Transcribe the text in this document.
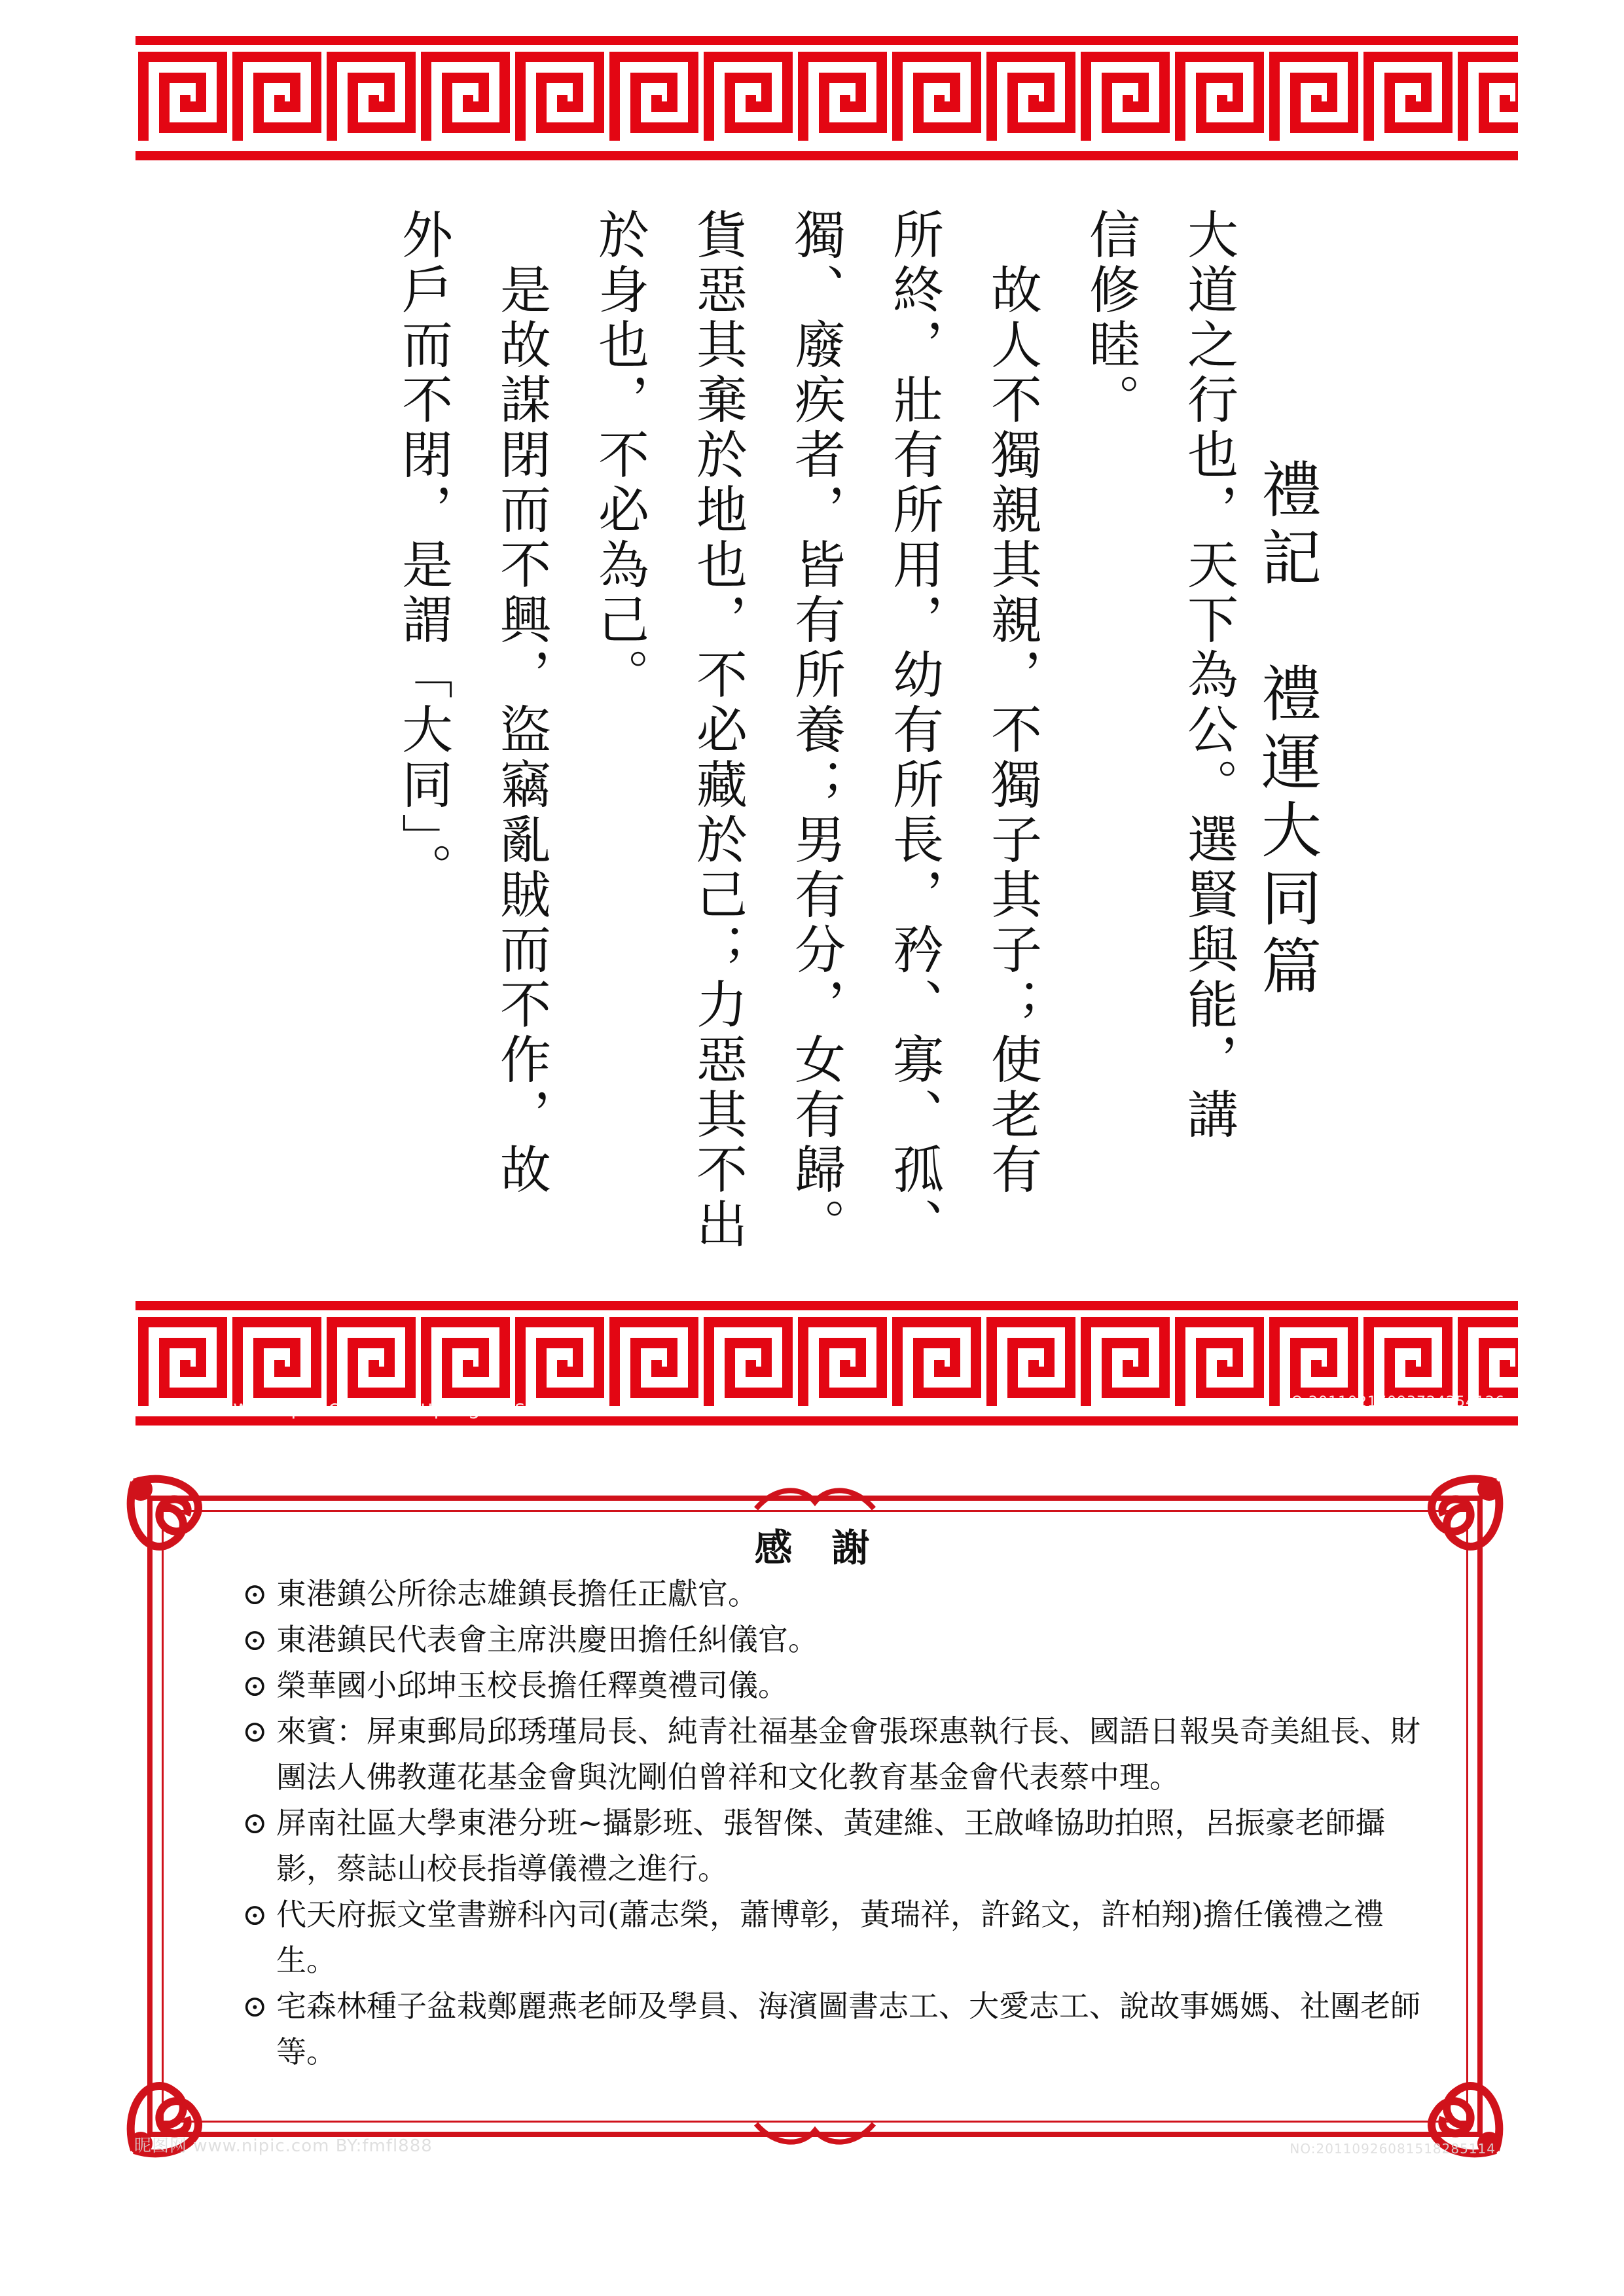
禮記　禮運大同篇
大道之行也，天下為公。選賢與能，講
信修睦。
　故人不獨親其親，不獨子其子；使老有
所終，壯有所用，幼有所長，矜、寡、孤、
獨、廢疾者，皆有所養；男有分，女有歸。
貨惡其棄於地也，不必藏於己；力惡其不出
於身也，不必為己。
　是故謀閉而不興，盜竊亂賊而不作，故
外戶而不閉，是謂「大同」。
昵图网 www.nipic.com BY:supergetas	NO:20110217093724254126
昵图网 www.nipic.com BY:fmfl888	NO:20110926081518285114
感謝
⊙ 東港鎮公所徐志雄鎮長擔任正獻官。
⊙ 東港鎮民代表會主席洪慶田擔任糾儀官。
⊙ 榮華國小邱坤玉校長擔任釋奠禮司儀。
⊙ 來賓：屏東郵局邱琇瑾局長、純青社福基金會張琛惠執行長、國語日報吳奇美組長、財團法人佛教蓮花基金會與沈剛伯曾祥和文化教育基金會代表蔡中理。
⊙ 屏南社區大學東港分班~攝影班、張智傑、黃建維、王啟峰協助拍照，呂振豪老師攝影，蔡誌山校長指導儀禮之進行。
⊙ 代天府振文堂書辦科內司(蕭志榮，蕭博彰，黃瑞祥，許銘文，許柏翔)擔任儀禮之禮生。
⊙ 宅森林種子盆栽鄭麗燕老師及學員、海濱圖書志工、大愛志工、說故事媽媽、社團老師等。
